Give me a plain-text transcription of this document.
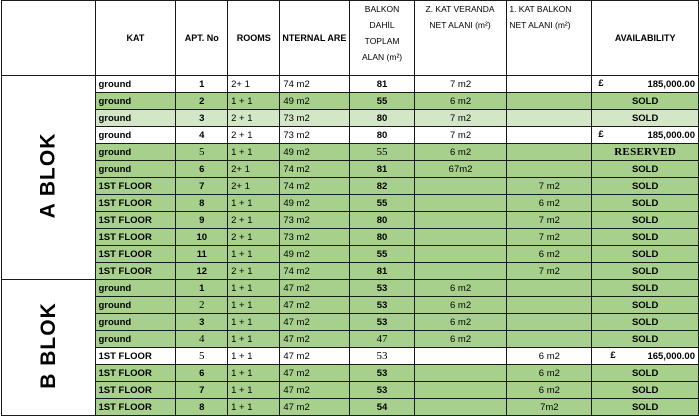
	KAT	APT. No	ROOMS	NTERNAL ARE	BALKON DAHİL TOPLAM ALAN (m²)	Z. KAT VERANDA NET ALANI (m²)	1. KAT BALKON NET ALANI (m²)	AVAILABILITY
A BLOK	ground	1	2+ 1	74 m2	81	7 m2		£ 185,000.00
	ground	2	1 + 1	49 m2	55	6 m2		SOLD
	ground	3	2 + 1	73 m2	80	7 m2		SOLD
	ground	4	2 + 1	73 m2	80	7 m2		£ 185,000.00
	ground	5	1 + 1	49 m2	55	6 m2		RESERVED
	ground	6	2+ 1	74 m2	81	67m2		SOLD
	1ST FLOOR	7	2+ 1	74 m2	82		7 m2	SOLD
	1ST FLOOR	8	1 + 1	49 m2	55		6 m2	SOLD
	1ST FLOOR	9	2 + 1	73 m2	80		7 m2	SOLD
	1ST FLOOR	10	2 + 1	73 m2	80		7 m2	SOLD
	1ST FLOOR	11	1 + 1	49 m2	55		6 m2	SOLD
	1ST FLOOR	12	2 + 1	74 m2	81		7 m2	SOLD
B BLOK	ground	1	1 + 1	47 m2	53	6 m2		SOLD
	ground	2	1 + 1	47 m2	53	6 m2		SOLD
	ground	3	1 + 1	47 m2	53	6 m2		SOLD
	ground	4	1 + 1	47 m2	47	6 m2		SOLD
	1ST FLOOR	5	1 + 1	47 m2	53		6 m2	£ 165,000.00
	1ST FLOOR	6	1 + 1	47 m2	53		6 m2	SOLD
	1ST FLOOR	7	1 + 1	47 m2	53		6 m2	SOLD
	1ST FLOOR	8	1 + 1	47 m2	54		7m2	SOLD
